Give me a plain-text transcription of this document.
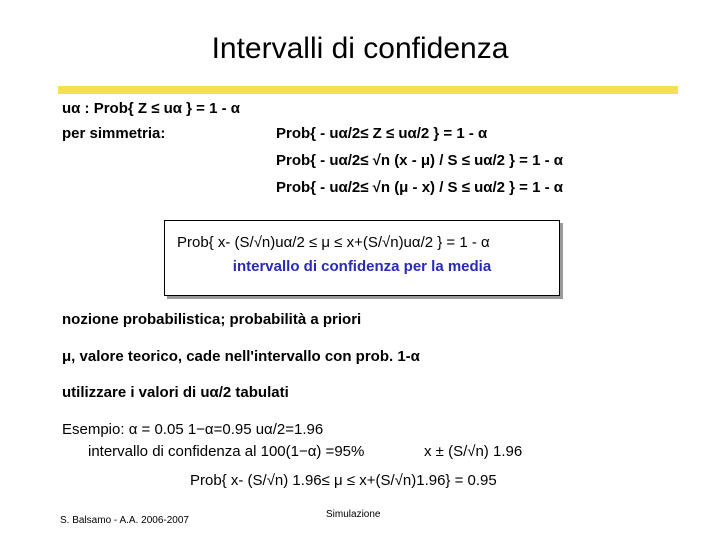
Intervalli di confidenza
uα : Prob{ Z ≤ uα } = 1 - α
per simmetria:	Prob{ - uα/2≤ Z ≤ uα/2 } = 1 - α
Prob{ - uα/2≤ √n (x - μ) / S ≤ uα/2 } = 1 - α
Prob{ - uα/2≤ √n (μ - x) / S ≤ uα/2 } = 1 - α
Prob{ x- (S/√n)uα/2 ≤ μ ≤ x+(S/√n)uα/2 } = 1 - α
intervallo di confidenza per la media
nozione probabilistica; probabilità a priori
μ, valore teorico, cade nell'intervallo con prob. 1-α
utilizzare i valori di uα/2 tabulati
Esempio: α = 0.05 1−α=0.95 uα/2=1.96
intervallo di confidenza al 100(1−α) =95%	x ± (S/√n) 1.96
Prob{ x- (S/√n) 1.96≤ μ ≤ x+(S/√n)1.96} = 0.95
S. Balsamo - A.A. 2006-2007
Simulazione
